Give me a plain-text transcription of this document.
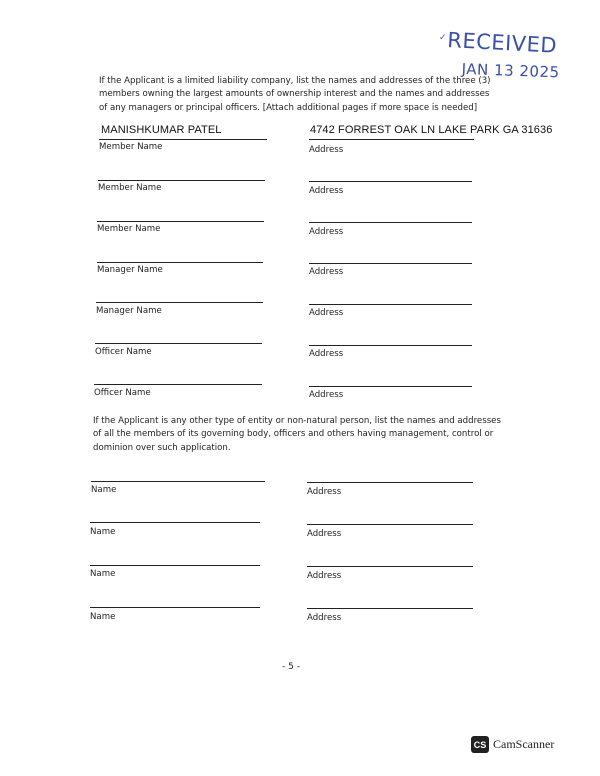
✓ RECEIVED
JAN 13 2025
If the Applicant is a limited liability company, list the names and addresses of the three (3) members owning the largest amounts of ownership interest and the names and addresses of any managers or principal officers. [Attach additional pages if more space is needed]
MANISHKUMAR PATEL	4742 FORREST OAK LN LAKE PARK GA 31636
Member Name	Address
Member Name	Address
Member Name	Address
Manager Name	Address
Manager Name	Address
Officer Name	Address
Officer Name	Address
If the Applicant is any other type of entity or non-natural person, list the names and addresses of all the members of its governing body, officers and others having management, control or dominion over such application.
Name	Address
Name	Address
Name	Address
Name	Address
- 5 -
CS CamScanner
